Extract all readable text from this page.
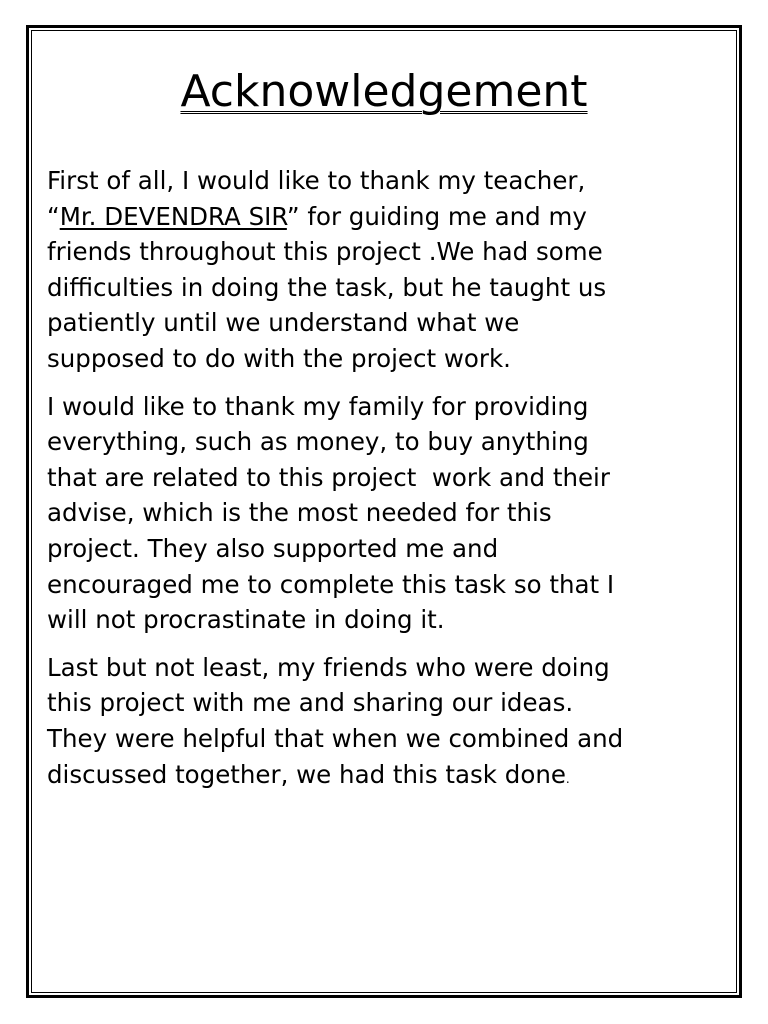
Acknowledgement

First of all, I would like to thank my teacher,
“Mr. DEVENDRA SIR” for guiding me and my
friends throughout this project .We had some
difficulties in doing the task, but he taught us
patiently until we understand what we
supposed to do with the project work.

I would like to thank my family for providing
everything, such as money, to buy anything
that are related to this project  work and their
advise, which is the most needed for this
project. They also supported me and
encouraged me to complete this task so that I
will not procrastinate in doing it.

Last but not least, my friends who were doing
this project with me and sharing our ideas.
They were helpful that when we combined and
discussed together, we had this task done.
